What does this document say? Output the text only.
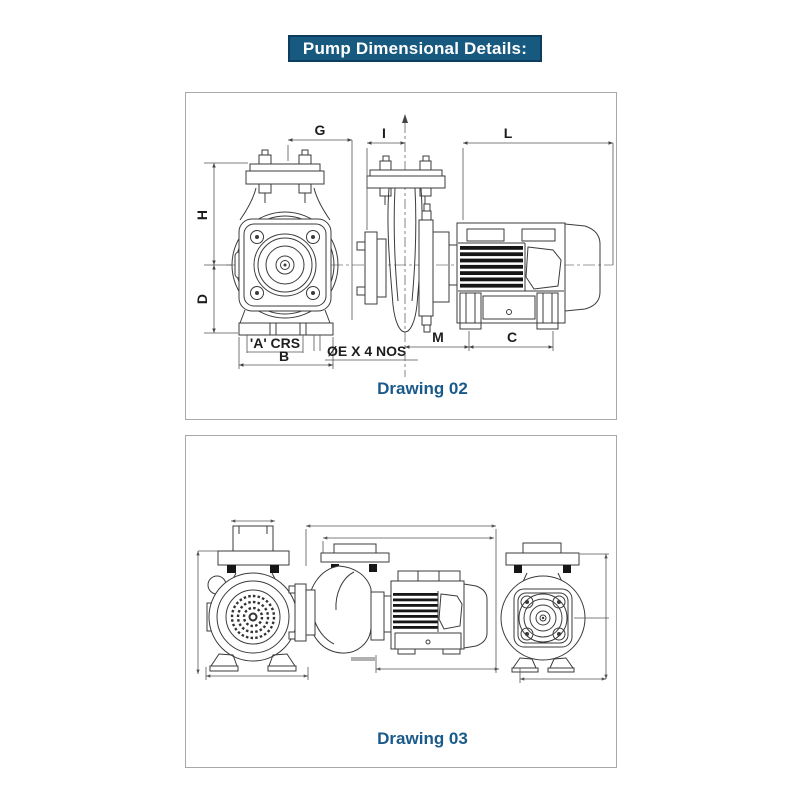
Pump Dimensional Details:
H
D
G
'A' CRS
B	ØE X 4 NOS
I	L
M	C
Drawing 02
Drawing 03
